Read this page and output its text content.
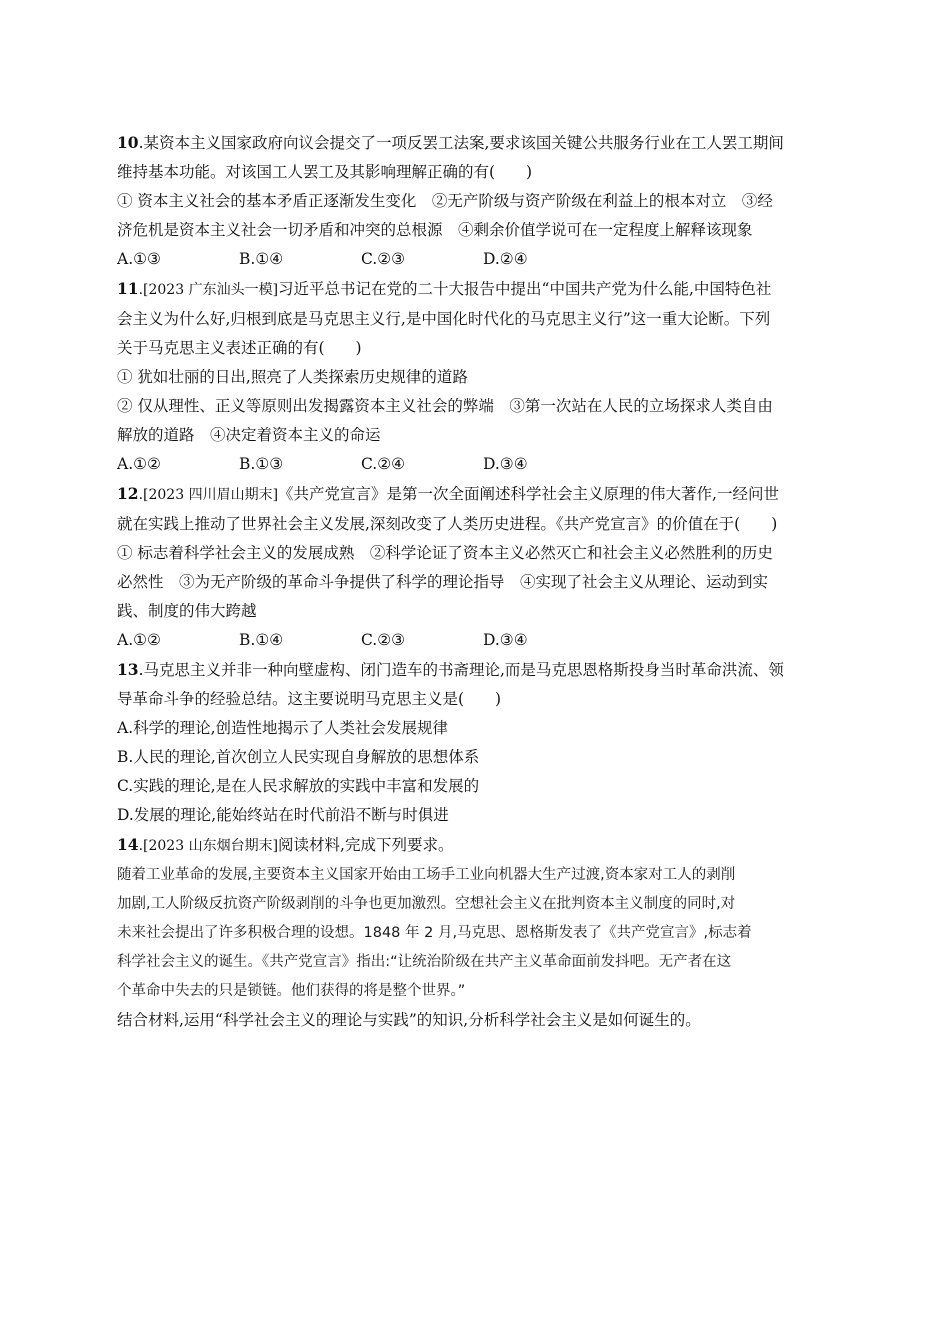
10.某资本主义国家政府向议会提交了一项反罢工法案,要求该国关键公共服务行业在工人罢工期间
维持基本功能。对该国工人罢工及其影响理解正确的有(　　)
① 资本主义社会的基本矛盾正逐渐发生变化　②无产阶级与资产阶级在利益上的根本对立　③经
济危机是资本主义社会一切矛盾和冲突的总根源　④剩余价值学说可在一定程度上解释该现象
A.①③	B.①④	C.②③	D.②④
11.[2023 广东汕头一模]习近平总书记在党的二十大报告中提出“中国共产党为什么能,中国特色社
会主义为什么好,归根到底是马克思主义行,是中国化时代化的马克思主义行”这一重大论断。下列
关于马克思主义表述正确的有(　　)
① 犹如壮丽的日出,照亮了人类探索历史规律的道路
② 仅从理性、正义等原则出发揭露资本主义社会的弊端　③第一次站在人民的立场探求人类自由
解放的道路　④决定着资本主义的命运
A.①②	B.①③	C.②④	D.③④
12.[2023 四川眉山期末]《共产党宣言》是第一次全面阐述科学社会主义原理的伟大著作,一经问世
就在实践上推动了世界社会主义发展,深刻改变了人类历史进程。《共产党宣言》的价值在于(　　)
① 标志着科学社会主义的发展成熟　②科学论证了资本主义必然灭亡和社会主义必然胜利的历史
必然性　③为无产阶级的革命斗争提供了科学的理论指导　④实现了社会主义从理论、运动到实
践、制度的伟大跨越
A.①②	B.①④	C.②③	D.③④
13.马克思主义并非一种向壁虚构、闭门造车的书斋理论,而是马克思恩格斯投身当时革命洪流、领
导革命斗争的经验总结。这主要说明马克思主义是(　　)
A.科学的理论,创造性地揭示了人类社会发展规律
B.人民的理论,首次创立人民实现自身解放的思想体系
C.实践的理论,是在人民求解放的实践中丰富和发展的
D.发展的理论,能始终站在时代前沿不断与时俱进
14.[2023 山东烟台期末]阅读材料,完成下列要求。
随着工业革命的发展,主要资本主义国家开始由工场手工业向机器大生产过渡,资本家对工人的剥削
加剧,工人阶级反抗资产阶级剥削的斗争也更加激烈。空想社会主义在批判资本主义制度的同时,对
未来社会提出了许多积极合理的设想。1848 年 2 月,马克思、恩格斯发表了《共产党宣言》,标志着
科学社会主义的诞生。《共产党宣言》指出:“让统治阶级在共产主义革命面前发抖吧。无产者在这
个革命中失去的只是锁链。他们获得的将是整个世界。”
结合材料,运用“科学社会主义的理论与实践”的知识,分析科学社会主义是如何诞生的。
